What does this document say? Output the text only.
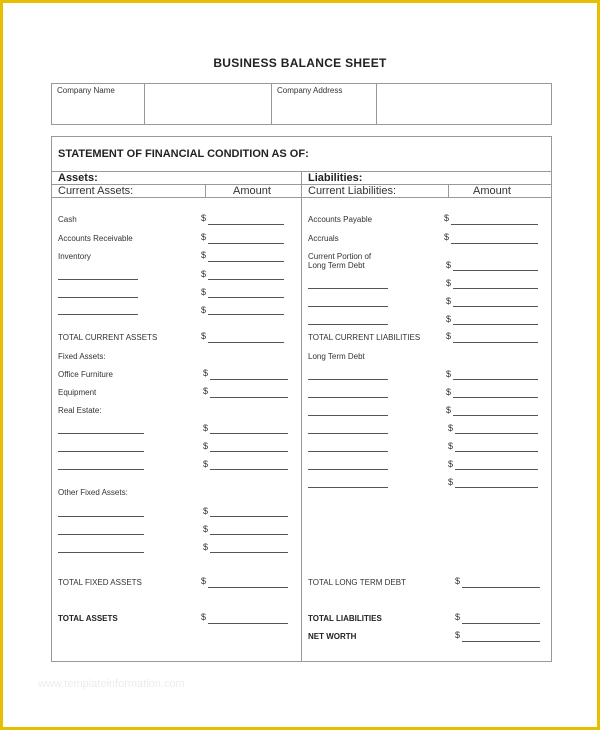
BUSINESS BALANCE SHEET
Company Name	Company Address
STATEMENT OF FINANCIAL CONDITION AS OF:
Assets:	Liabilities:
Current Assets:	Amount	Current Liabilities:	Amount
Cash	$
Accounts Receivable	$
Inventory	$
$
$
$
TOTAL CURRENT ASSETS	$
Fixed Assets:
Office Furniture	$
Equipment	$
Real Estate:
$
$
$
Other Fixed Assets:
$
$
$
TOTAL FIXED ASSETS	$
TOTAL ASSETS	$
Accounts Payable	$
Accruals	$
Current Portion of
Long Term Debt	$
$
$
$
TOTAL CURRENT LIABILITIES	$
Long Term Debt
$
$
$
$
$
$
$
TOTAL LONG TERM DEBT	$
TOTAL LIABILITIES	$
NET WORTH	$
www.templateinformation.com
